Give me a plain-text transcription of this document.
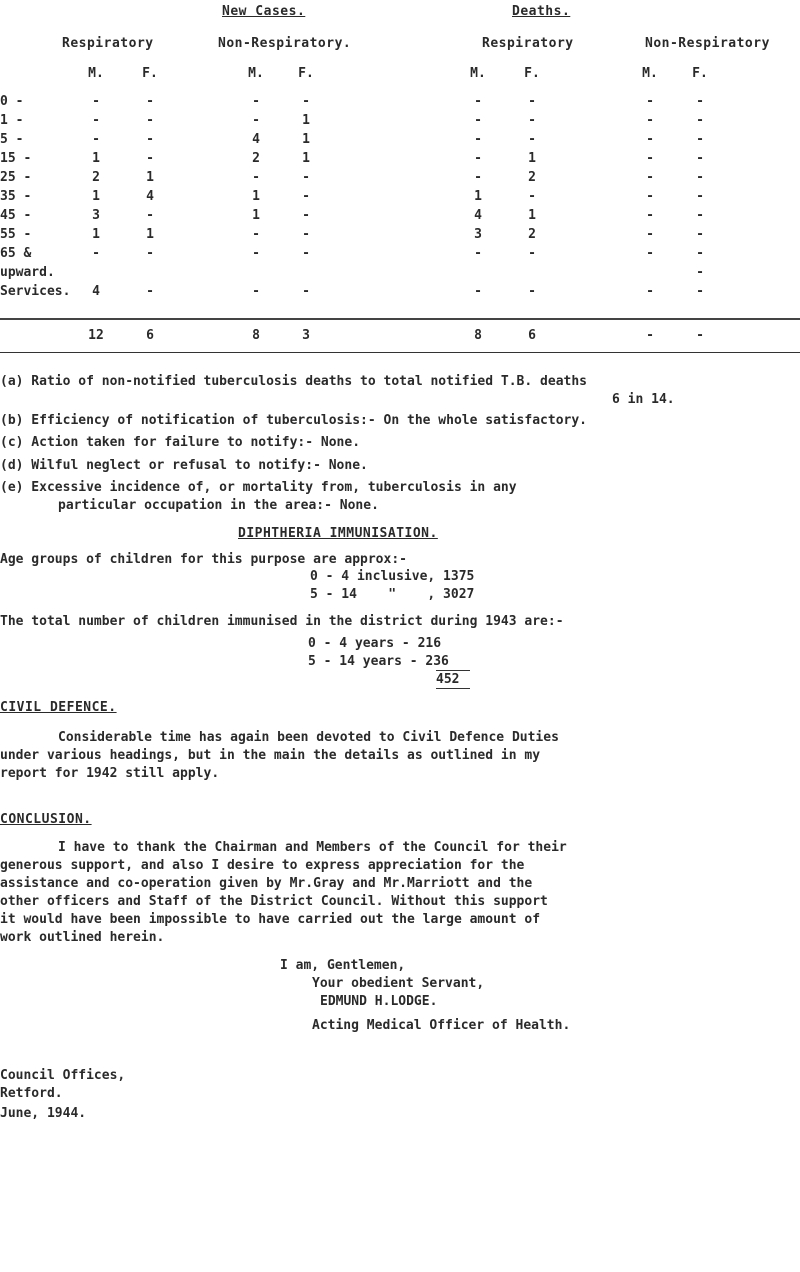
New Cases.	Deaths.
Respiratory	Non-Respiratory.	Respiratory	Non-Respiratory
M.	F.	M.	F.	M.	F.	M.	F.
0 -	-	-	-	-	-	-	-	-
1 -	-	-	-	1	-	-	-	-
5 -	-	-	4	1	-	-	-	-
15 -	1	-	2	1	-	1	-	-
25 -	2	1	-	-	-	2	-	-
35 -	1	4	1	-	1	-	-	-
45 -	3	-	1	-	4	1	-	-
55 -	1	1	-	-	3	2	-	-
65 &	-	-	-	-	-	-	-	-
upward.	-
Services.	4	-	-	-	-	-	-	-
12	6	8	3	8	6	-	-
(a) Ratio of non-notified tuberculosis deaths to total notified T.B. deaths
6 in 14.
(b) Efficiency of notification of tuberculosis:- On the whole satisfactory.
(c) Action taken for failure to notify:- None.
(d) Wilful neglect or refusal to notify:- None.
(e) Excessive incidence of, or mortality from, tuberculosis in any
particular occupation in the area:- None.
DIPHTHERIA IMMUNISATION.
Age groups of children for this purpose are approx:-
0 - 4 inclusive, 1375
5 - 14    "    , 3027
The total number of children immunised in the district during 1943 are:-
0 - 4 years - 216
5 - 14 years - 236
452
CIVIL DEFENCE.
Considerable time has again been devoted to Civil Defence Duties
under various headings, but in the main the details as outlined in my
report for 1942 still apply.
CONCLUSION.
I have to thank the Chairman and Members of the Council for their
generous support, and also I desire to express appreciation for the
assistance and co-operation given by Mr.Gray and Mr.Marriott and the
other officers and Staff of the District Council. Without this support
it would have been impossible to have carried out the large amount of
work outlined herein.
I am, Gentlemen,
Your obedient Servant,
EDMUND H.LODGE.
Acting Medical Officer of Health.
Council Offices,
Retford.
June, 1944.
